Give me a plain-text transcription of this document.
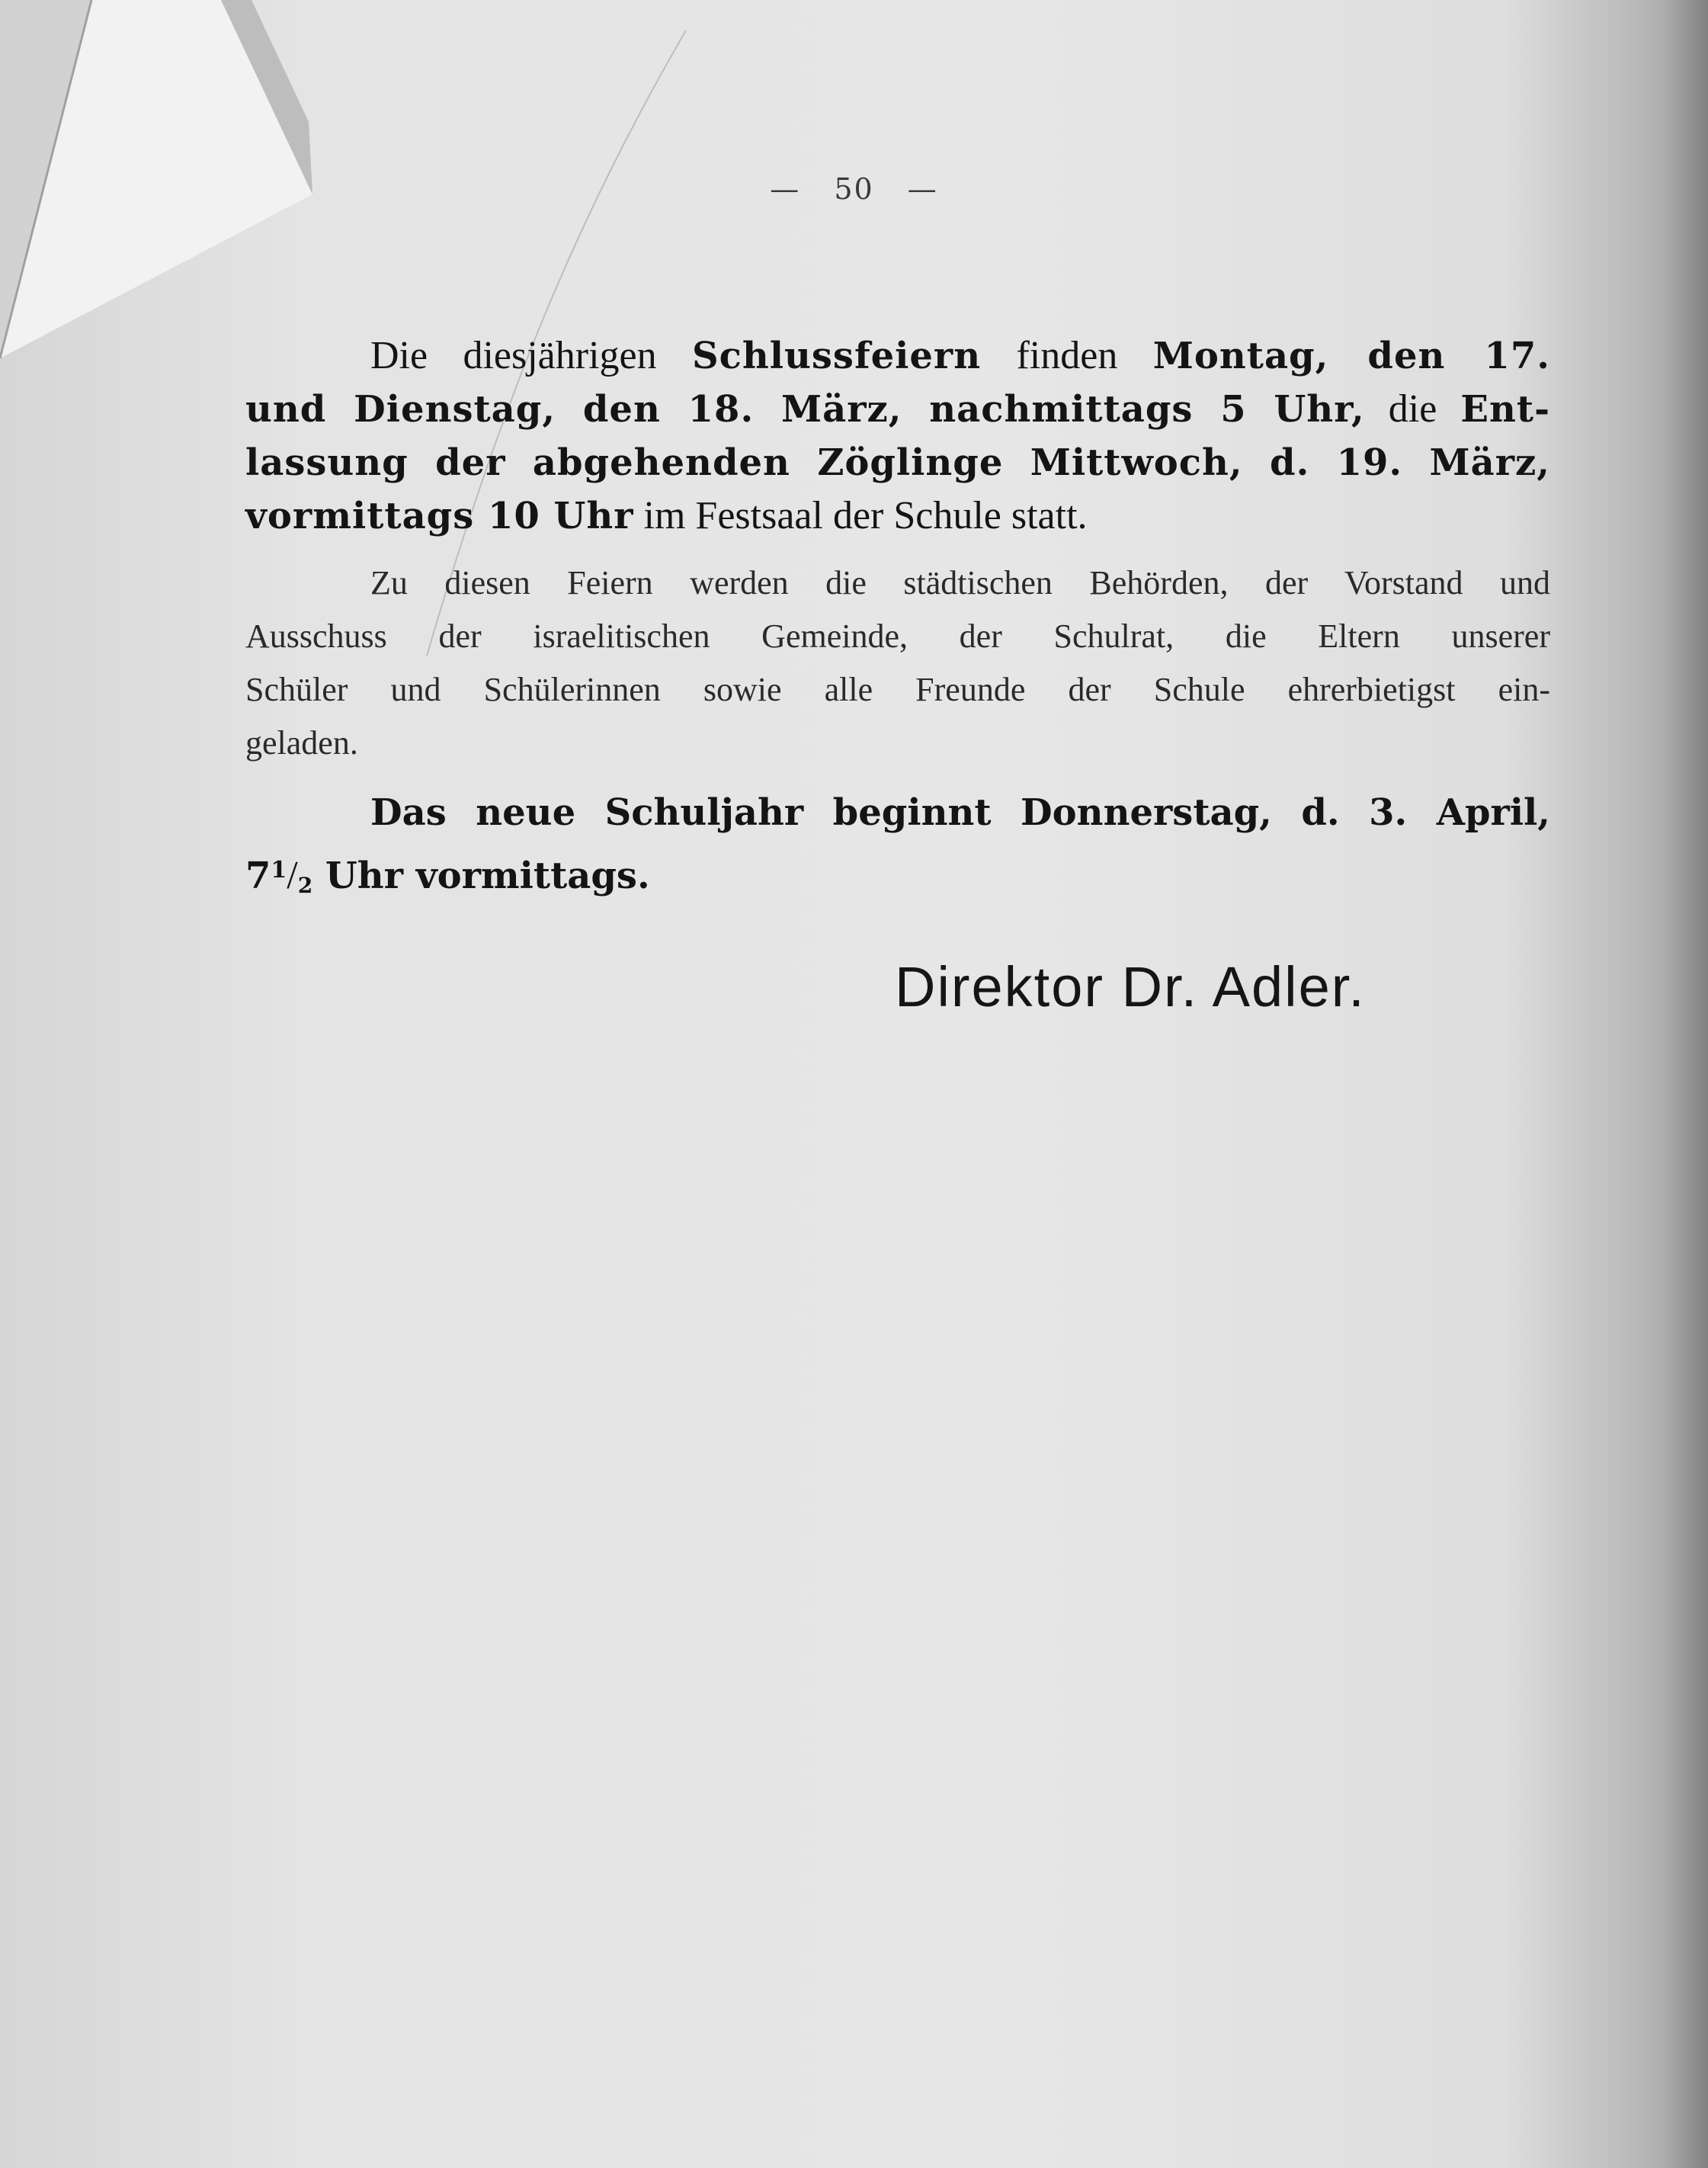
— 50 —
Die diesjährigen Schlussfeiern finden Montag, den 17.
und Dienstag, den 18. März, nachmittags 5 Uhr, die Ent-
lassung der abgehenden Zöglinge Mittwoch, d. 19. März,
vormittags 10 Uhr im Festsaal der Schule statt.
Zu diesen Feiern werden die städtischen Behörden, der Vorstand und
Ausschuss der israelitischen Gemeinde, der Schulrat, die Eltern unserer
Schüler und Schülerinnen sowie alle Freunde der Schule ehrerbietigst ein-
geladen.
Das neue Schuljahr beginnt Donnerstag, d. 3. April,
$7^1/2$ Uhr vormittags.
Direktor Dr. Adler.
